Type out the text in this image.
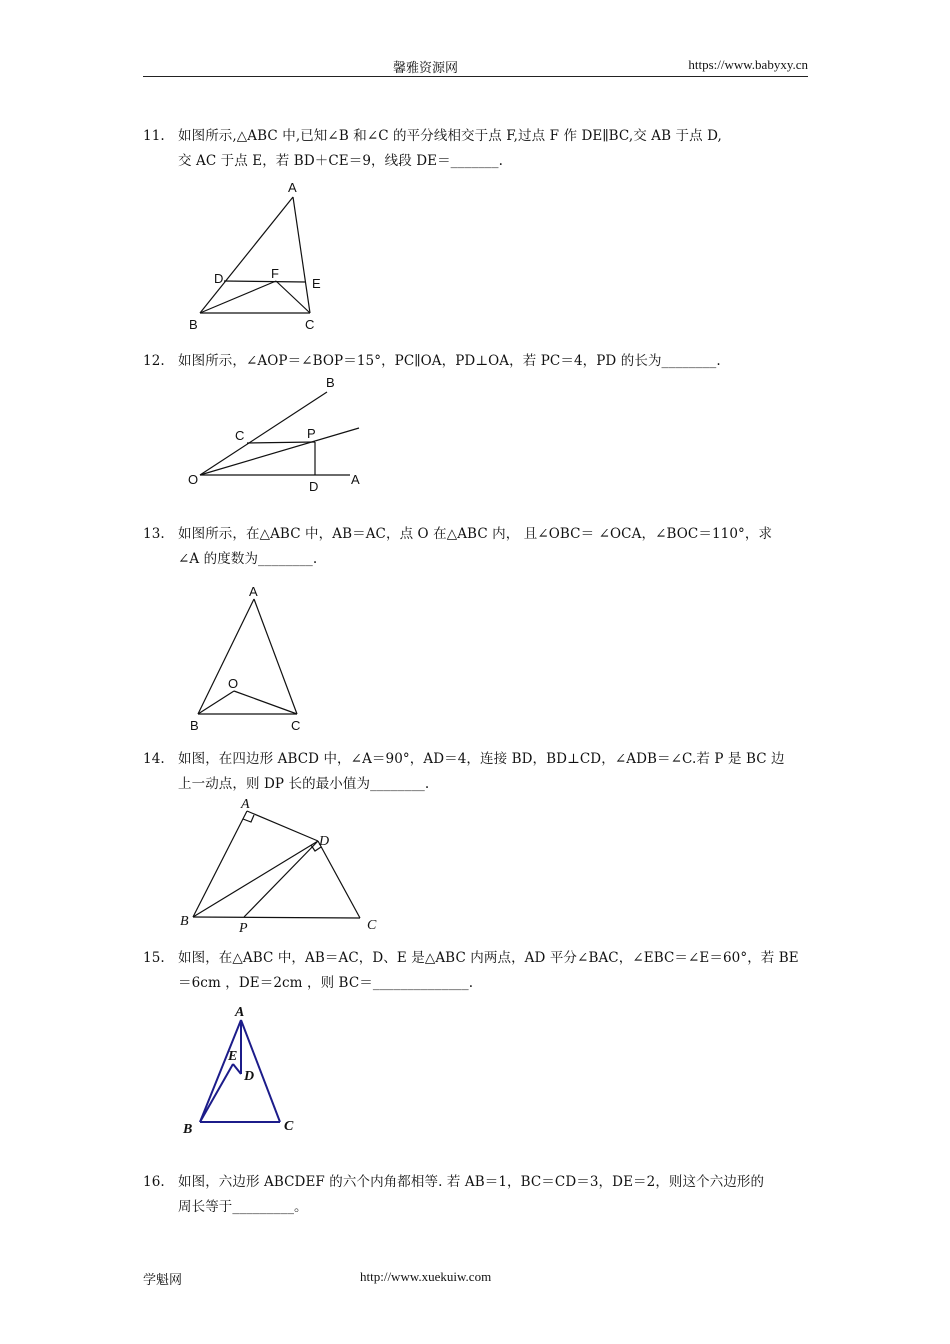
馨雅资源网	https://www.babyxy.cn
11. 如图所示,△ABC 中,已知∠B 和∠C 的平分线相交于点 F,过点 F 作 DE∥BC,交 AB 于点 D,
交 AC 于点 E，若 BD＋CE＝9，线段 DE＝_______.
A
D	F
E
B	C
12. 如图所示，∠AOP＝∠BOP＝15°，PC∥OA，PD⊥OA，若 PC＝4，PD 的长为________.
B
C	P
O	D	A
13. 如图所示，在△ABC 中，AB＝AC，点 O 在△ABC 内， 且∠OBC＝ ∠OCA，∠BOC＝110°，求
∠A 的度数为________.
A
O
B	C
14. 如图，在四边形 ABCD 中，∠A＝90°，AD＝4，连接 BD，BD⊥CD，∠ADB＝∠C.若 P 是 BC 边
上一动点，则 DP 长的最小值为________.
A
D
B	P	C
15. 如图，在△ABC 中，AB＝AC，D、E 是△ABC 内两点，AD 平分∠BAC，∠EBC＝∠E＝60°，若 BE
＝6cm ，DE＝2cm ，则 BC＝______________.
A
E
D
B	C
16. 如图，六边形 ABCDEF 的六个内角都相等. 若 AB＝1，BC＝CD＝3，DE＝2，则这个六边形的
周长等于_________。
学魁网	http://www.xuekuiw.com
